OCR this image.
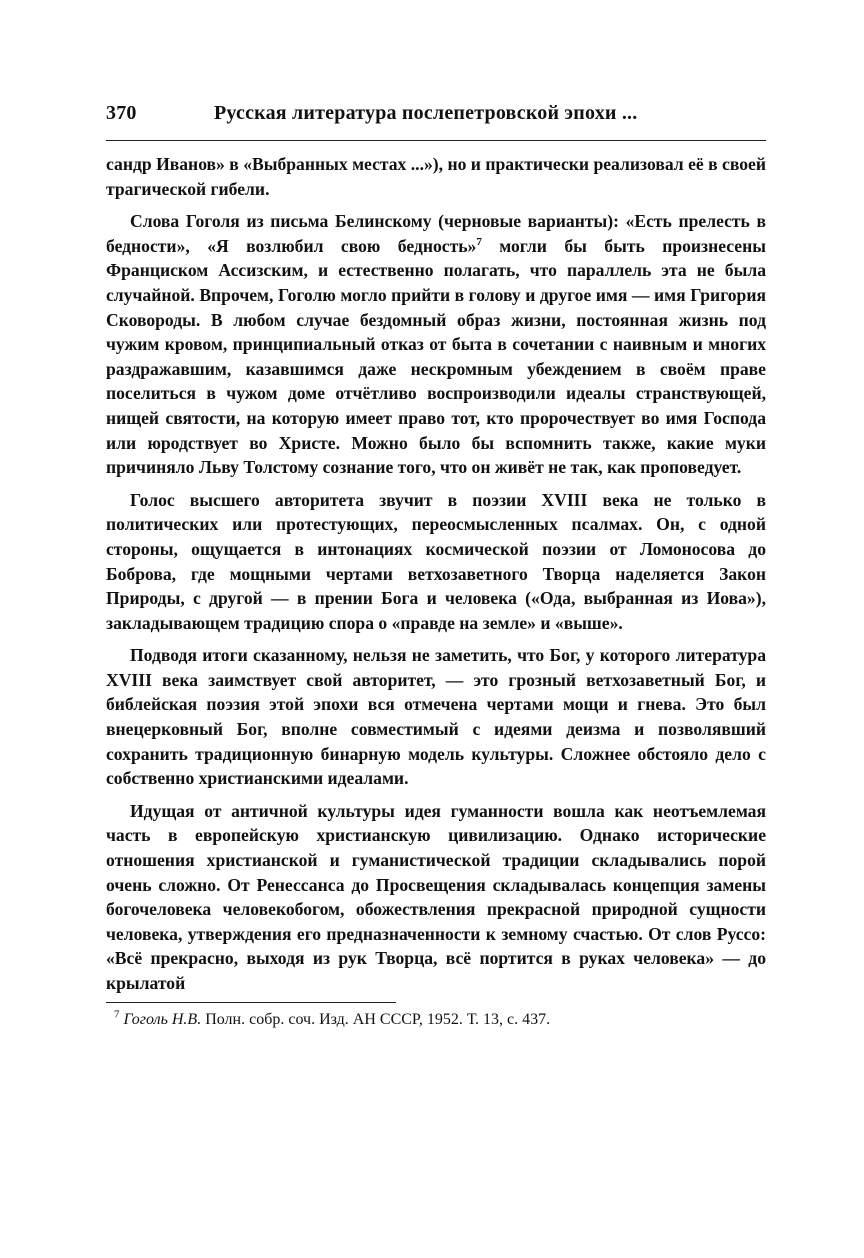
370	Русская литература послепетровской эпохи ...

сандр Иванов» в «Выбранных местах ...»), но и практически реализовал её в своей трагической гибели.

Слова Гоголя из письма Белинскому (черновые варианты): «Есть прелесть в бедности», «Я возлюбил свою бедность»$^7$ могли бы быть произнесены Франциском Ассизским, и естественно полагать, что параллель эта не была случайной. Впрочем, Гоголю могло прийти в голову и другое имя — имя Григория Сковороды. В любом случае бездомный образ жизни, постоянная жизнь под чужим кровом, принципиальный отказ от быта в сочетании с наивным и многих раздражавшим, казавшимся даже нескромным убеждением в своём праве поселиться в чужом доме отчётливо воспроизводили идеалы странствующей, нищей святости, на которую имеет право тот, кто пророчествует во имя Господа или юродствует во Христе. Можно было бы вспомнить также, какие муки причиняло Льву Толстому сознание того, что он живёт не так, как проповедует.

Голос высшего авторитета звучит в поэзии XVIII века не только в политических или протестующих, переосмысленных псалмах. Он, с одной стороны, ощущается в интонациях космической поэзии от Ломоносова до Боброва, где мощными чертами ветхозаветного Творца наделяется Закон Природы, с другой — в прении Бога и человека («Ода, выбранная из Иова»), закладывающем традицию спора о «правде на земле» и «выше».

Подводя итоги сказанному, нельзя не заметить, что Бог, у которого литература XVIII века заимствует свой авторитет, — это грозный ветхозаветный Бог, и библейская поэзия этой эпохи вся отмечена чертами мощи и гнева. Это был внецерковный Бог, вполне совместимый с идеями деизма и позволявший сохранить традиционную бинарную модель культуры. Сложнее обстояло дело с собственно христианскими идеалами.

Идущая от античной культуры идея гуманности вошла как неотъемлемая часть в европейскую христианскую цивилизацию. Однако исторические отношения христианской и гуманистической традиции складывались порой очень сложно. От Ренессанса до Просвещения складывалась концепция замены богочеловека человекобогом, обожествления прекрасной природной сущности человека, утверждения его предназначенности к земному счастью. От слов Руссо: «Всё прекрасно, выходя из рук Творца, всё портится в руках человека» — до крылатой

$^7$ Гоголь Н.В. Полн. собр. соч. Изд. АН СССР, 1952. Т. 13, с. 437.
